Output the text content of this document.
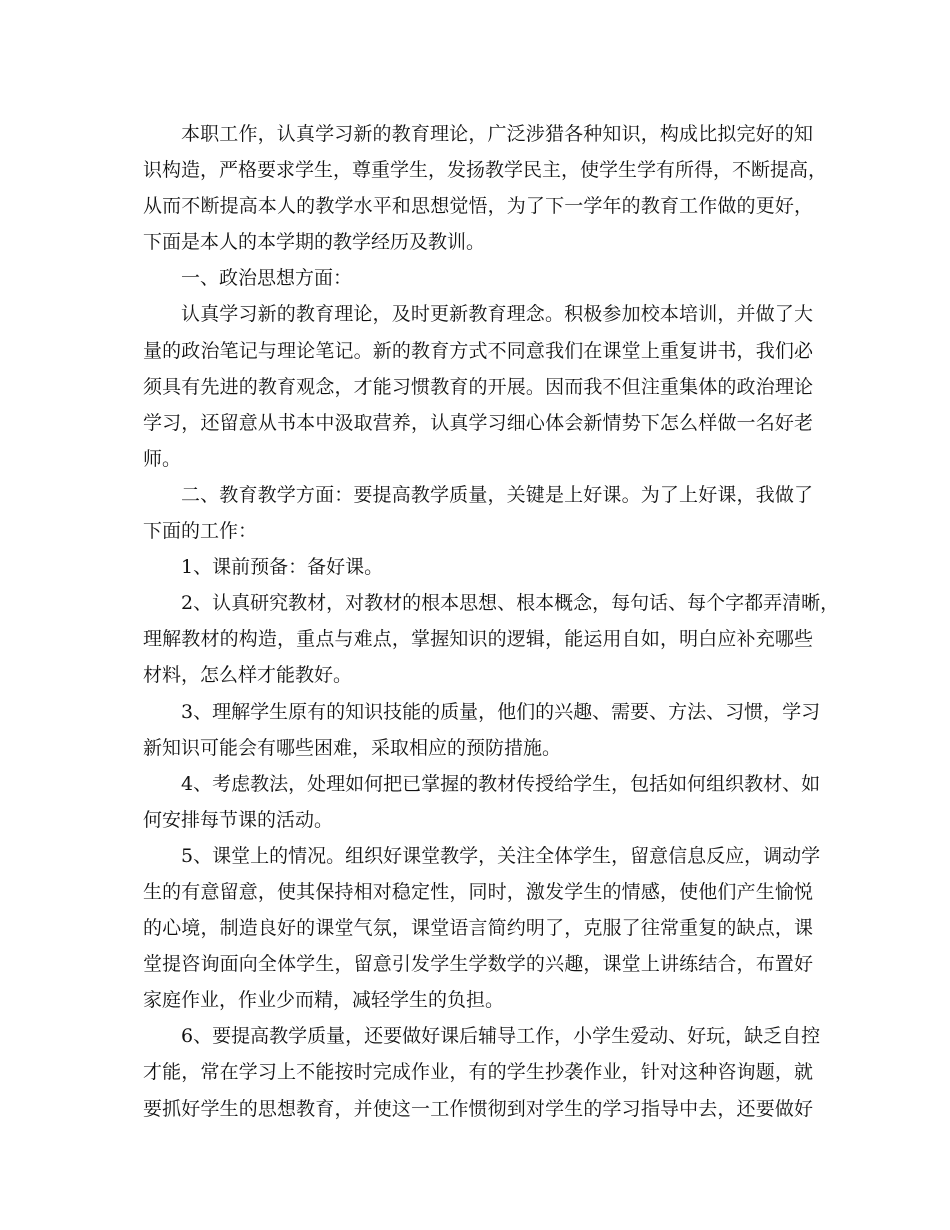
本职工作，认真学习新的教育理论，广泛涉猎各种知识，构成比拟完好的知
识构造，严格要求学生，尊重学生，发扬教学民主，使学生学有所得，不断提高，
从而不断提高本人的教学水平和思想觉悟，为了下一学年的教育工作做的更好，
下面是本人的本学期的教学经历及教训。
一、政治思想方面：
认真学习新的教育理论，及时更新教育理念。积极参加校本培训，并做了大
量的政治笔记与理论笔记。新的教育方式不同意我们在课堂上重复讲书，我们必
须具有先进的教育观念，才能习惯教育的开展。因而我不但注重集体的政治理论
学习，还留意从书本中汲取营养，认真学习细心体会新情势下怎么样做一名好老
师。
二、教育教学方面：要提高教学质量，关键是上好课。为了上好课，我做了
下面的工作：
1、课前预备：备好课。
2、认真研究教材，对教材的根本思想、根本概念，每句话、每个字都弄清晰，
理解教材的构造，重点与难点，掌握知识的逻辑，能运用自如，明白应补充哪些
材料，怎么样才能教好。
3、理解学生原有的知识技能的质量，他们的兴趣、需要、方法、习惯，学习
新知识可能会有哪些困难，采取相应的预防措施。
4、考虑教法，处理如何把已掌握的教材传授给学生，包括如何组织教材、如
何安排每节课的活动。
5、课堂上的情况。组织好课堂教学，关注全体学生，留意信息反应，调动学
生的有意留意，使其保持相对稳定性，同时，激发学生的情感，使他们产生愉悦
的心境，制造良好的课堂气氛，课堂语言简约明了，克服了往常重复的缺点，课
堂提咨询面向全体学生，留意引发学生学数学的兴趣，课堂上讲练结合，布置好
家庭作业，作业少而精，减轻学生的负担。
6、要提高教学质量，还要做好课后辅导工作，小学生爱动、好玩，缺乏自控
才能，常在学习上不能按时完成作业，有的学生抄袭作业，针对这种咨询题，就
要抓好学生的思想教育，并使这一工作惯彻到对学生的学习指导中去，还要做好
